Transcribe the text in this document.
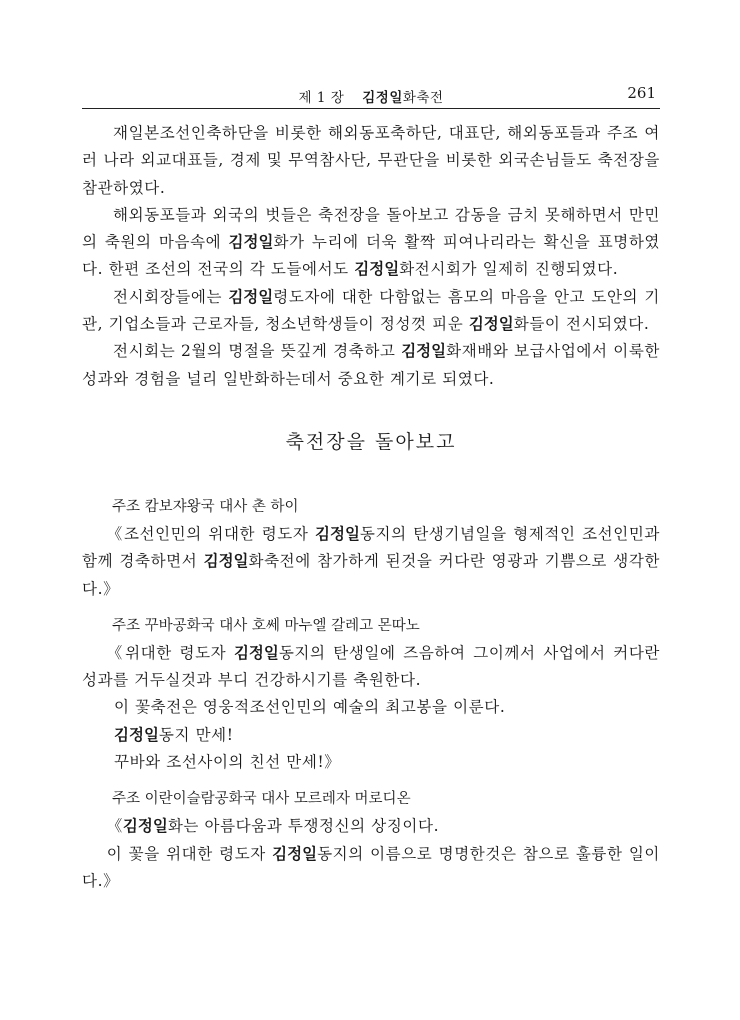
제 1 장 김정일화축전	261

재일본조선인축하단을 비롯한 해외동포축하단, 대표단, 해외동포들과 주조 여러 나라 외교대표들, 경제 및 무역참사단, 무관단을 비롯한 외국손님들도 축전장을 참관하였다.

해외동포들과 외국의 벗들은 축전장을 돌아보고 감동을 금치 못해하면서 만민의 축원의 마음속에 김정일화가 누리에 더욱 활짝 피여나리라는 확신을 표명하였다. 한편 조선의 전국의 각 도들에서도 김정일화전시회가 일제히 진행되였다.

전시회장들에는 김정일령도자에 대한 다함없는 흠모의 마음을 안고 도안의 기관, 기업소들과 근로자들, 청소년학생들이 정성껏 피운 김정일화들이 전시되였다.

전시회는 2월의 명절을 뜻깊게 경축하고 김정일화재배와 보급사업에서 이룩한 성과와 경험을 널리 일반화하는데서 중요한 계기로 되였다.

축전장을 돌아보고

주조 캄보쟈왕국 대사 촌 하이

《조선인민의 위대한 령도자 김정일동지의 탄생기념일을 형제적인 조선인민과 함께 경축하면서 김정일화축전에 참가하게 된것을 커다란 영광과 기쁨으로 생각한다.》

주조 꾸바공화국 대사 호쎄 마누엘 갈레고 몬따노

《위대한 령도자 김정일동지의 탄생일에 즈음하여 그이께서 사업에서 커다란 성과를 거두실것과 부디 건강하시기를 축원한다.

이 꽃축전은 영웅적조선인민의 예술의 최고봉을 이룬다.

김정일동지 만세!

꾸바와 조선사이의 친선 만세!》

주조 이란이슬람공화국 대사 모르레자 머로디온

《김정일화는 아름다움과 투쟁정신의 상징이다.

이 꽃을 위대한 령도자 김정일동지의 이름으로 명명한것은 참으로 훌륭한 일이다.》
